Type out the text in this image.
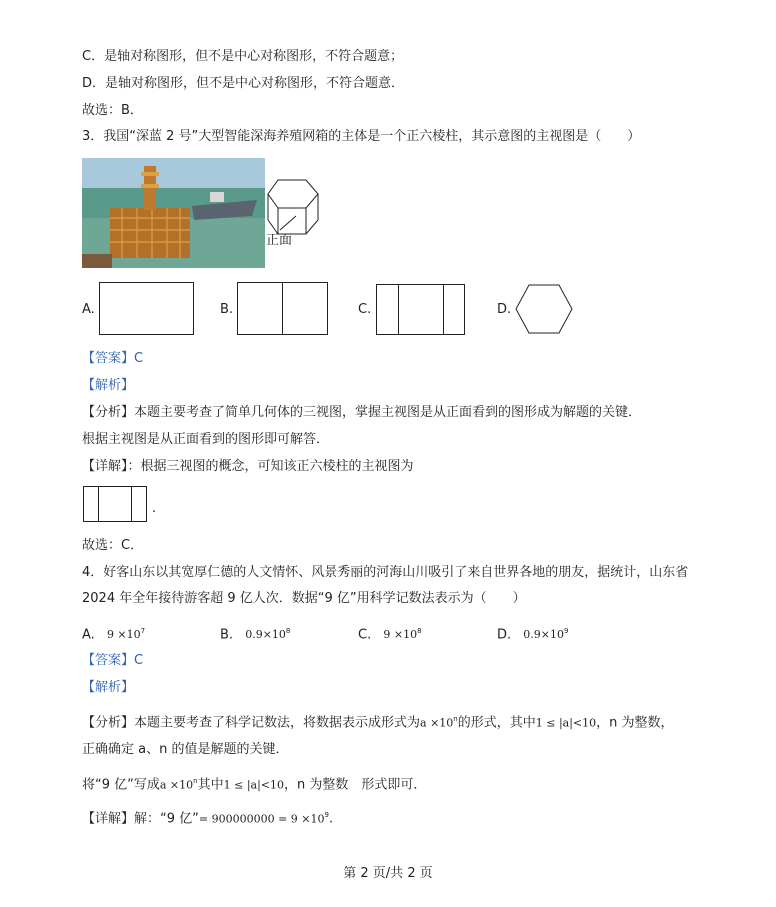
C．是轴对称图形，但不是中心对称图形，不符合题意；
D．是轴对称图形，但不是中心对称图形，不符合题意．
故选：B．
3．我国“深蓝 2 号”大型智能深海养殖网箱的主体是一个正六棱柱，其示意图的主视图是（　　）
正面
A.	B.	C.	D.
【答案】C
【解析】
【分析】本题主要考查了简单几何体的三视图，掌握主视图是从正面看到的图形成为解题的关键．
根据主视图是从正面看到的图形即可解答．
【详解】：根据三视图的概念，可知该正六棱柱的主视图为
.
故选：C．
4．好客山东以其宽厚仁德的人文情怀、风景秀丽的河海山川吸引了来自世界各地的朋友，据统计，山东省
2024 年全年接待游客超 9 亿人次．数据“9 亿”用科学记数法表示为（　　）
A. $9 \times 10^7$	B. $0.9\times 10^8$	C. $9 \times 10^8$	D. $0.9\times 10^9$
【答案】C
【解析】
【分析】本题主要考查了科学记数法，将数据表示成形式为$a \times 10^n$的形式，其中1 ≤ |a|<10，n 为整数，
正确确定 a、n 的值是解题的关键．
将“9 亿”写成$a \times 10^n$其中1 ≤ |a|<10，n 为整数　形式即可．
【详解】解：“9 亿”= $900000000 = 9 \times 10^9$.
第 2 页/共 2 页
